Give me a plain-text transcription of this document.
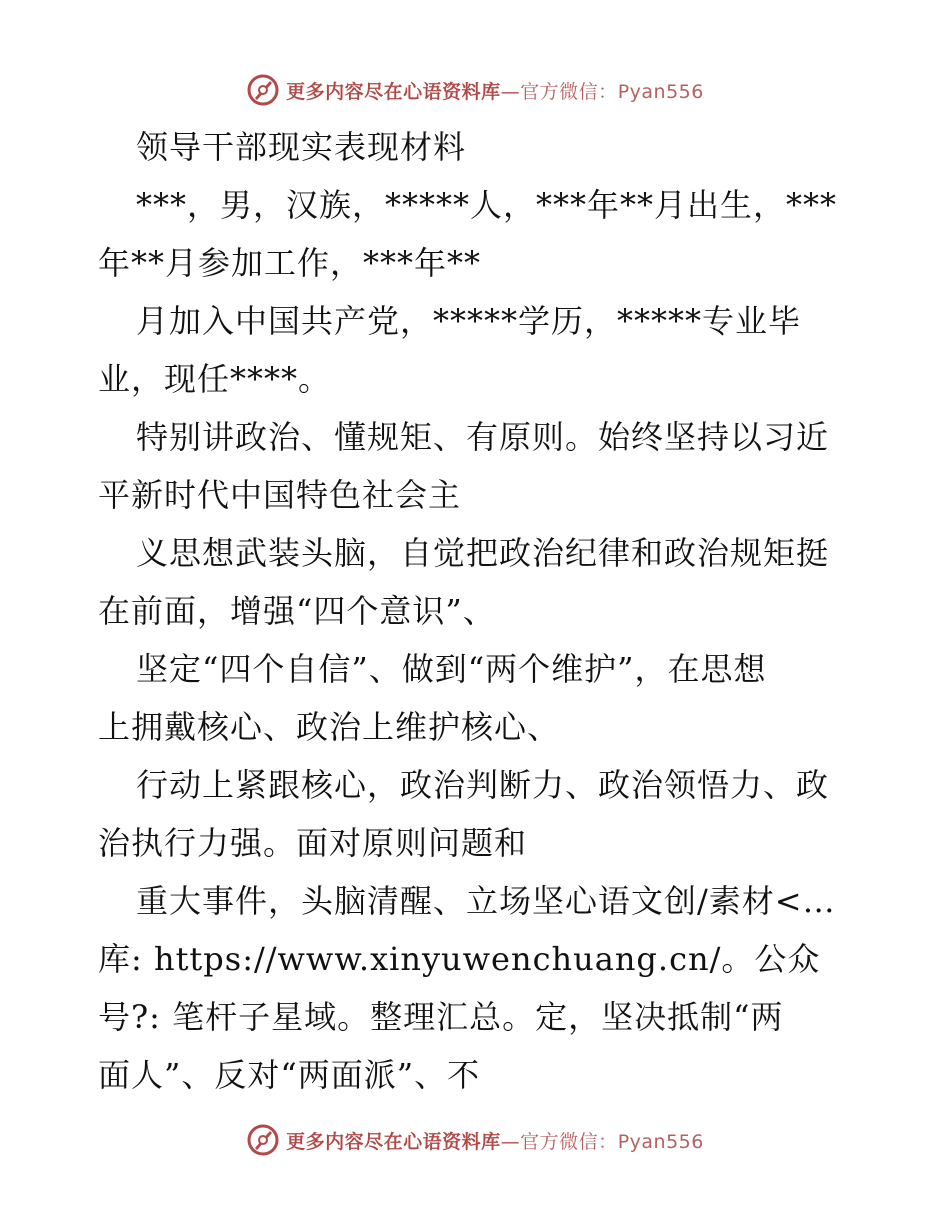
更多内容尽在心语资料库—官方微信：Pyan556
领导干部现实表现材料
***，男，汉族，*****人，***年**月出生，***
年**月参加工作，***年**
月加入中国共产党，*****学历，*****专业毕
业，现任****。
特别讲政治、懂规矩、有原则。始终坚持以习近
平新时代中国特色社会主
义思想武装头脑，自觉把政治纪律和政治规矩挺
在前面，增强“四个意识”、
坚定“四个自信”、做到“两个维护”，在思想
上拥戴核心、政治上维护核心、
行动上紧跟核心，政治判断力、政治领悟力、政
治执行力强。面对原则问题和
重大事件，头脑清醒、立场坚心语文创/素材<…
库: https://www.xinyuwenchuang.cn/。公众
号?: 笔杆子星域。整理汇总。定，坚决抵制“两
面人”、反对“两面派”、不
更多内容尽在心语资料库—官方微信：Pyan556
